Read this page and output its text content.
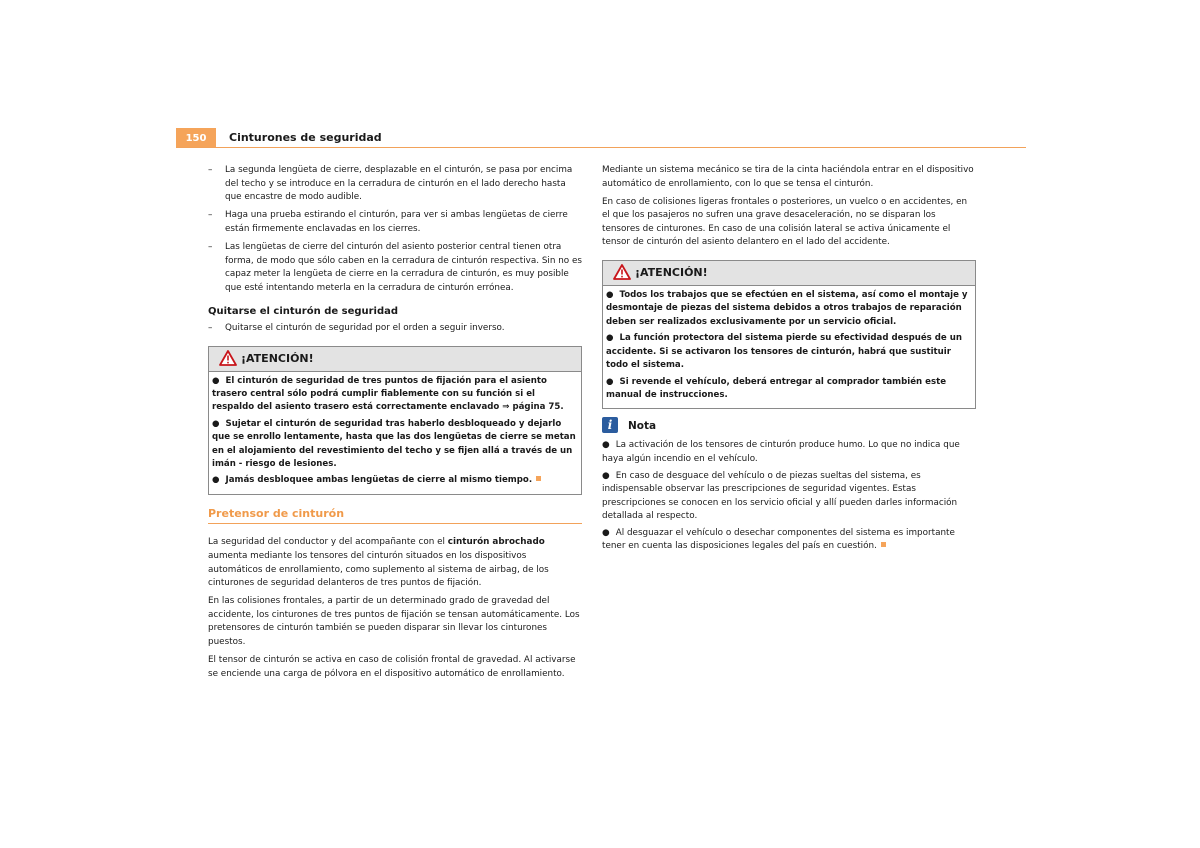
150	Cinturones de seguridad
– La segunda lengüeta de cierre, desplazable en el cinturón, se pasa por encima del techo y se introduce en la cerradura de cinturón en el lado derecho hasta que encastre de modo audible.
– Haga una prueba estirando el cinturón, para ver si ambas lengüetas de cierre están firmemente enclavadas en los cierres.
– Las lengüetas de cierre del cinturón del asiento posterior central tienen otra forma, de modo que sólo caben en la cerradura de cinturón respectiva. Sin no es capaz meter la lengüeta de cierre en la cerradura de cinturón, es muy posible que esté intentando meterla en la cerradura de cinturón errónea.
Quitarse el cinturón de seguridad
– Quitarse el cinturón de seguridad por el orden a seguir inverso.
¡ATENCIÓN!
● El cinturón de seguridad de tres puntos de fijación para el asiento trasero central sólo podrá cumplir fiablemente con su función si el respaldo del asiento trasero está correctamente enclavado ⇒ página 75.
● Sujetar el cinturón de seguridad tras haberlo desbloqueado y dejarlo que se enrollo lentamente, hasta que las dos lengüetas de cierre se metan en el alojamiento del revestimiento del techo y se fijen allá a través de un imán - riesgo de lesiones.
● Jamás desbloquee ambas lengüetas de cierre al mismo tiempo.
Pretensor de cinturón

La seguridad del conductor y del acompañante con el cinturón abrochado aumenta mediante los tensores del cinturón situados en los dispositivos automáticos de enrollamiento, como suplemento al sistema de airbag, de los cinturones de seguridad delanteros de tres puntos de fijación.

En las colisiones frontales, a partir de un determinado grado de gravedad del accidente, los cinturones de tres puntos de fijación se tensan automáticamente. Los pretensores de cinturón también se pueden disparar sin llevar los cinturones puestos.

El tensor de cinturón se activa en caso de colisión frontal de gravedad. Al activarse se enciende una carga de pólvora en el dispositivo automático de enrollamiento.

Mediante un sistema mecánico se tira de la cinta haciéndola entrar en el dispositivo automático de enrollamiento, con lo que se tensa el cinturón.

En caso de colisiones ligeras frontales o posteriores, un vuelco o en accidentes, en el que los pasajeros no sufren una grave desaceleración, no se disparan los tensores de cinturones. En caso de una colisión lateral se activa únicamente el tensor de cinturón del asiento delantero en el lado del accidente.

¡ATENCIÓN!
● Todos los trabajos que se efectúen en el sistema, así como el montaje y desmontaje de piezas del sistema debidos a otros trabajos de reparación deben ser realizados exclusivamente por un servicio oficial.
● La función protectora del sistema pierde su efectividad después de un accidente. Si se activaron los tensores de cinturón, habrá que sustituir todo el sistema.
● Si revende el vehículo, deberá entregar al comprador también este manual de instrucciones.
i	Nota
● La activación de los tensores de cinturón produce humo. Lo que no indica que haya algún incendio en el vehículo.
● En caso de desguace del vehículo o de piezas sueltas del sistema, es indispensable observar las prescripciones de seguridad vigentes. Estas prescripciones se conocen en los servicio oficial y allí pueden darles información detallada al respecto.
● Al desguazar el vehículo o desechar componentes del sistema es importante tener en cuenta las disposiciones legales del país en cuestión.
